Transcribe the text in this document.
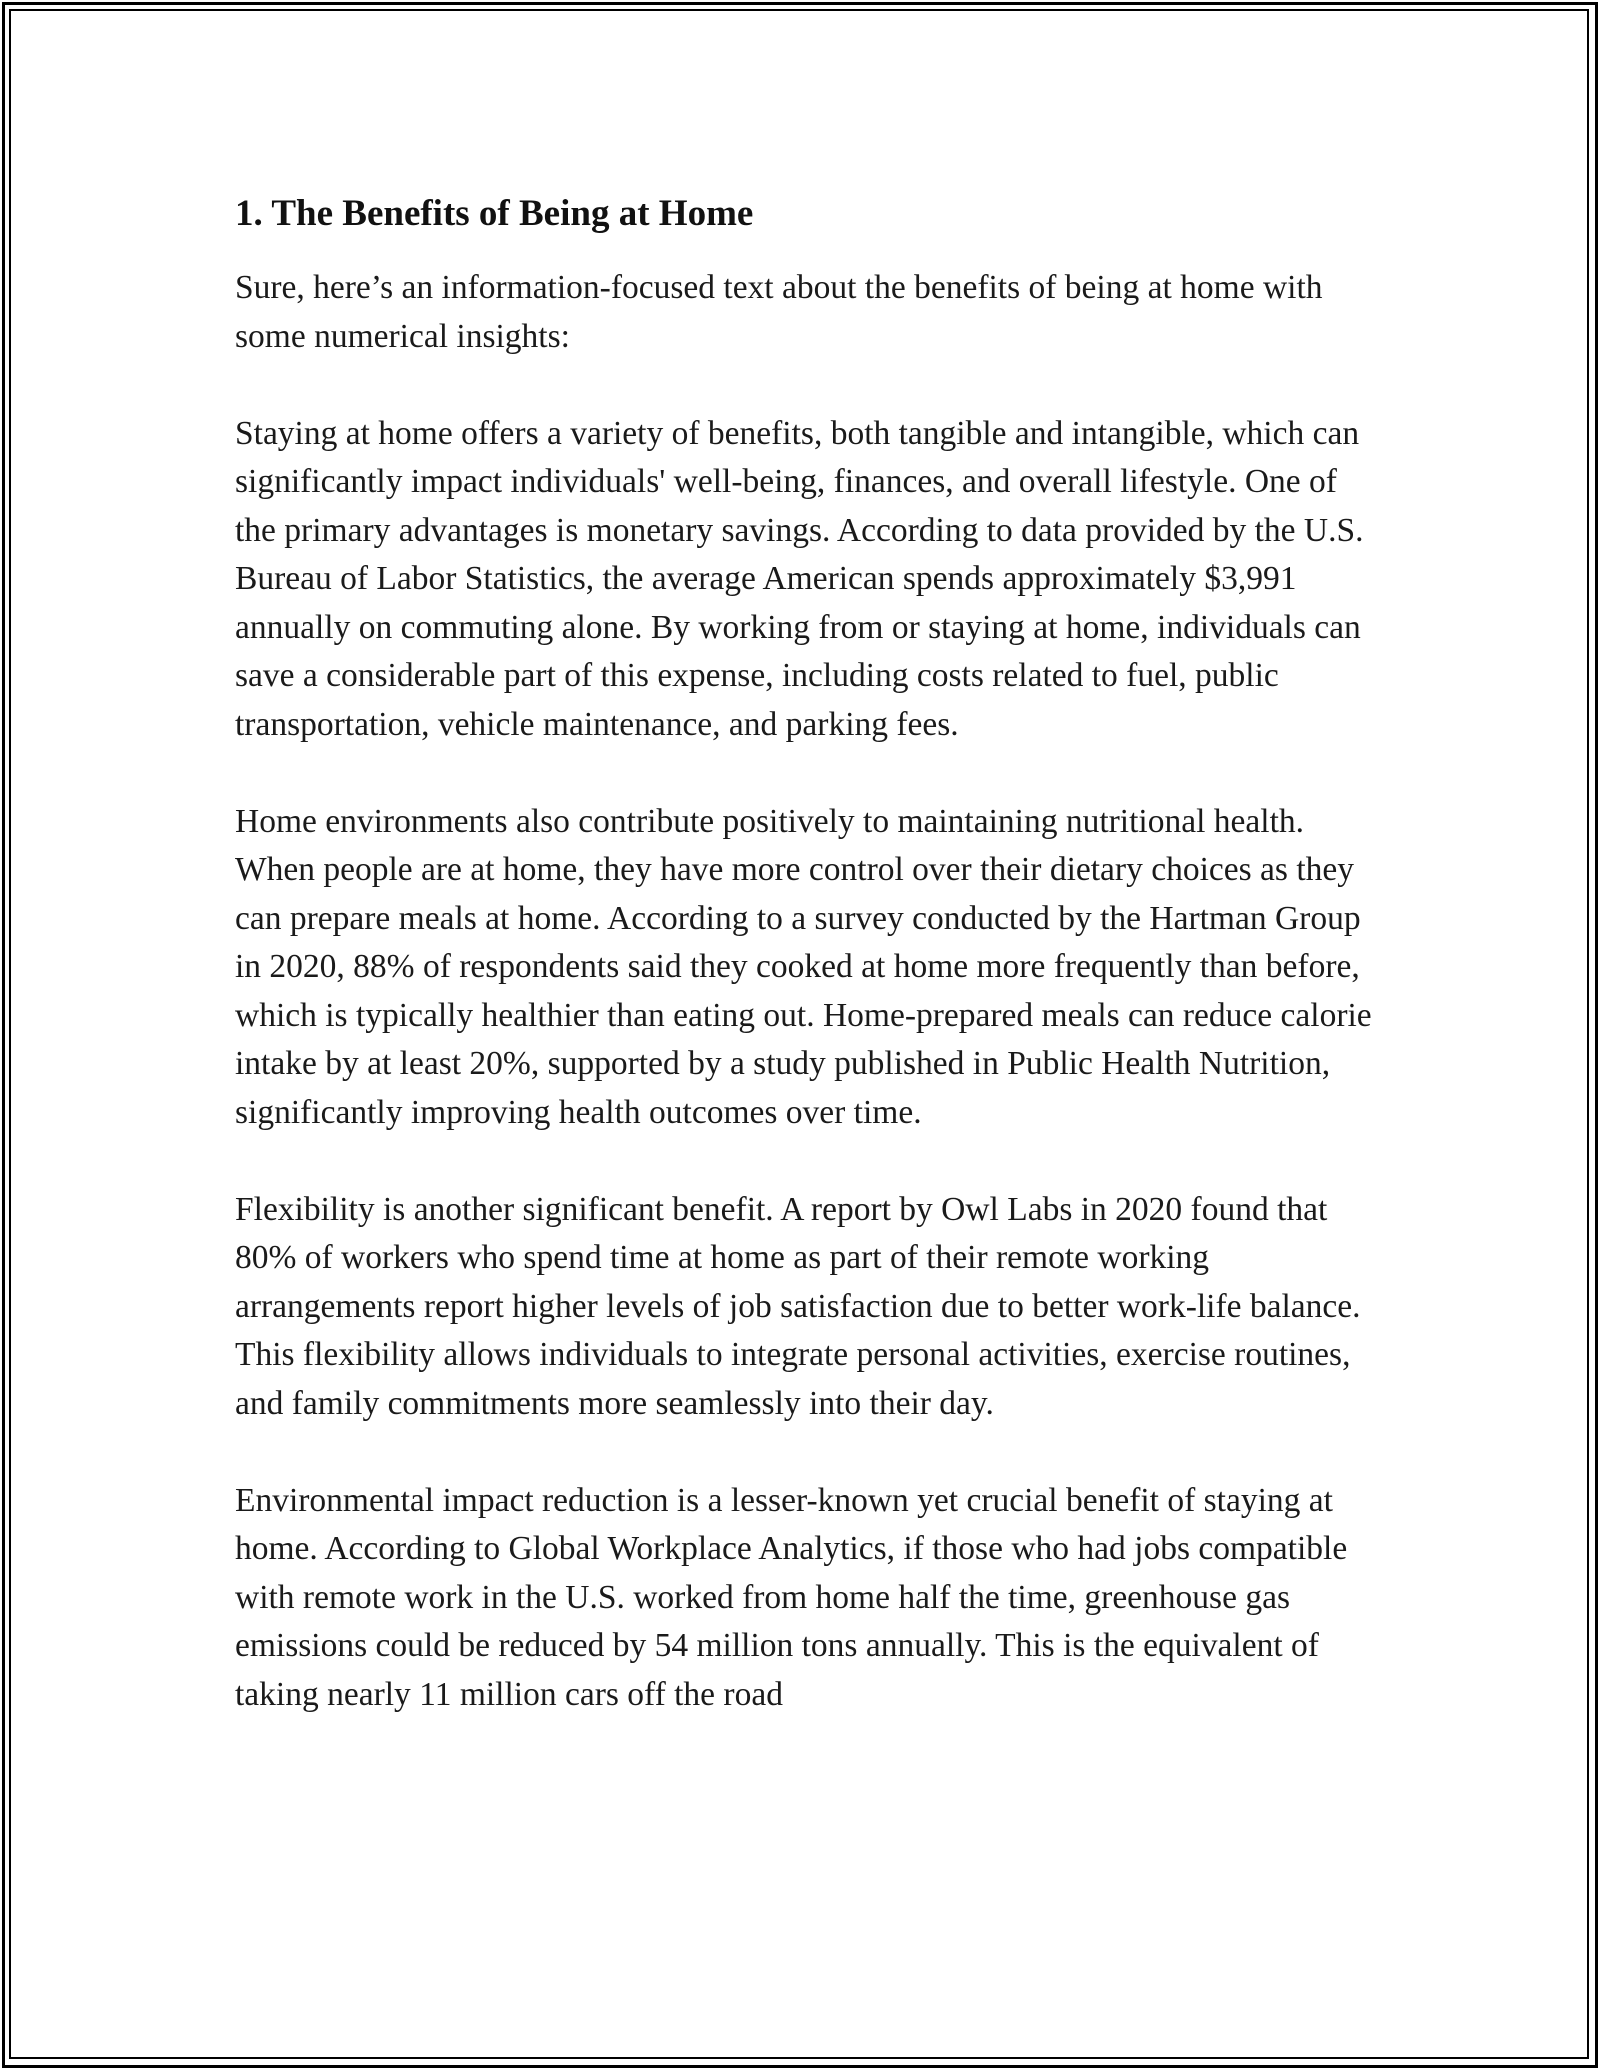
1. The Benefits of Being at Home

Sure, here’s an information-focused text about the benefits of being at home with some numerical insights:

Staying at home offers a variety of benefits, both tangible and intangible, which can significantly impact individuals' well-being, finances, and overall lifestyle. One of the primary advantages is monetary savings. According to data provided by the U.S. Bureau of Labor Statistics, the average American spends approximately $3,991 annually on commuting alone. By working from or staying at home, individuals can save a considerable part of this expense, including costs related to fuel, public transportation, vehicle maintenance, and parking fees.

Home environments also contribute positively to maintaining nutritional health. When people are at home, they have more control over their dietary choices as they can prepare meals at home. According to a survey conducted by the Hartman Group in 2020, 88% of respondents said they cooked at home more frequently than before, which is typically healthier than eating out. Home-prepared meals can reduce calorie intake by at least 20%, supported by a study published in Public Health Nutrition, significantly improving health outcomes over time.

Flexibility is another significant benefit. A report by Owl Labs in 2020 found that 80% of workers who spend time at home as part of their remote working arrangements report higher levels of job satisfaction due to better work-life balance. This flexibility allows individuals to integrate personal activities, exercise routines, and family commitments more seamlessly into their day.

Environmental impact reduction is a lesser-known yet crucial benefit of staying at home. According to Global Workplace Analytics, if those who had jobs compatible with remote work in the U.S. worked from home half the time, greenhouse gas emissions could be reduced by 54 million tons annually. This is the equivalent of taking nearly 11 million cars off the road
